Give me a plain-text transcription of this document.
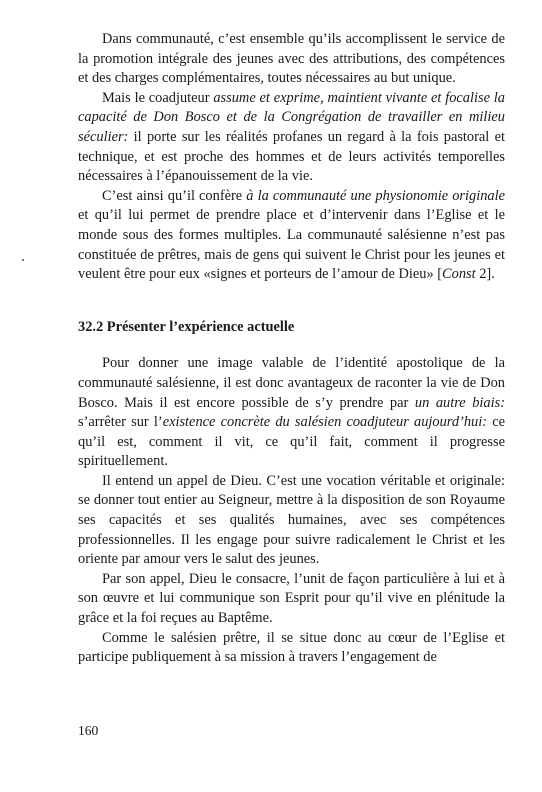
Dans communauté, c’est ensemble qu’ils accomplissent le service de la promotion intégrale des jeunes avec des attributions, des compétences et des charges complémentaires, toutes nécessaires au but unique.

Mais le coadjuteur assume et exprime, maintient vivante et focalise la capacité de Don Bosco et de la Congrégation de travailler en milieu séculier: il porte sur les réalités profanes un regard à la fois pastoral et technique, et est proche des hommes et de leurs activités temporelles nécessaires à l’épanouissement de la vie.

C’est ainsi qu’il confère à la communauté une physionomie originale et qu’il lui permet de prendre place et d’intervenir dans l’Eglise et le monde sous des formes multiples. La communauté salésienne n’est pas constituée de prêtres, mais de gens qui suivent le Christ pour les jeunes et veulent être pour eux «signes et porteurs de l’amour de Dieu» [Const 2].

32.2 Présenter l’expérience actuelle

Pour donner une image valable de l’identité apostolique de la communauté salésienne, il est donc avantageux de raconter la vie de Don Bosco. Mais il est encore possible de s’y prendre par un autre biais: s’arrêter sur l’existence concrète du salésien coadjuteur aujourd’hui: ce qu’il est, comment il vit, ce qu’il fait, comment il progresse spirituellement.

Il entend un appel de Dieu. C’est une vocation véritable et originale: se donner tout entier au Seigneur, mettre à la disposition de son Royaume ses capacités et ses qualités humaines, avec ses compétences professionnelles. Il les engage pour suivre radicalement le Christ et les oriente par amour vers le salut des jeunes.

Par son appel, Dieu le consacre, l’unit de façon particulière à lui et à son œuvre et lui communique son Esprit pour qu’il vive en plénitude la grâce et la foi reçues au Baptême.

Comme le salésien prêtre, il se situe donc au cœur de l’Eglise et participe publiquement à sa mission à travers l’engagement de

160
